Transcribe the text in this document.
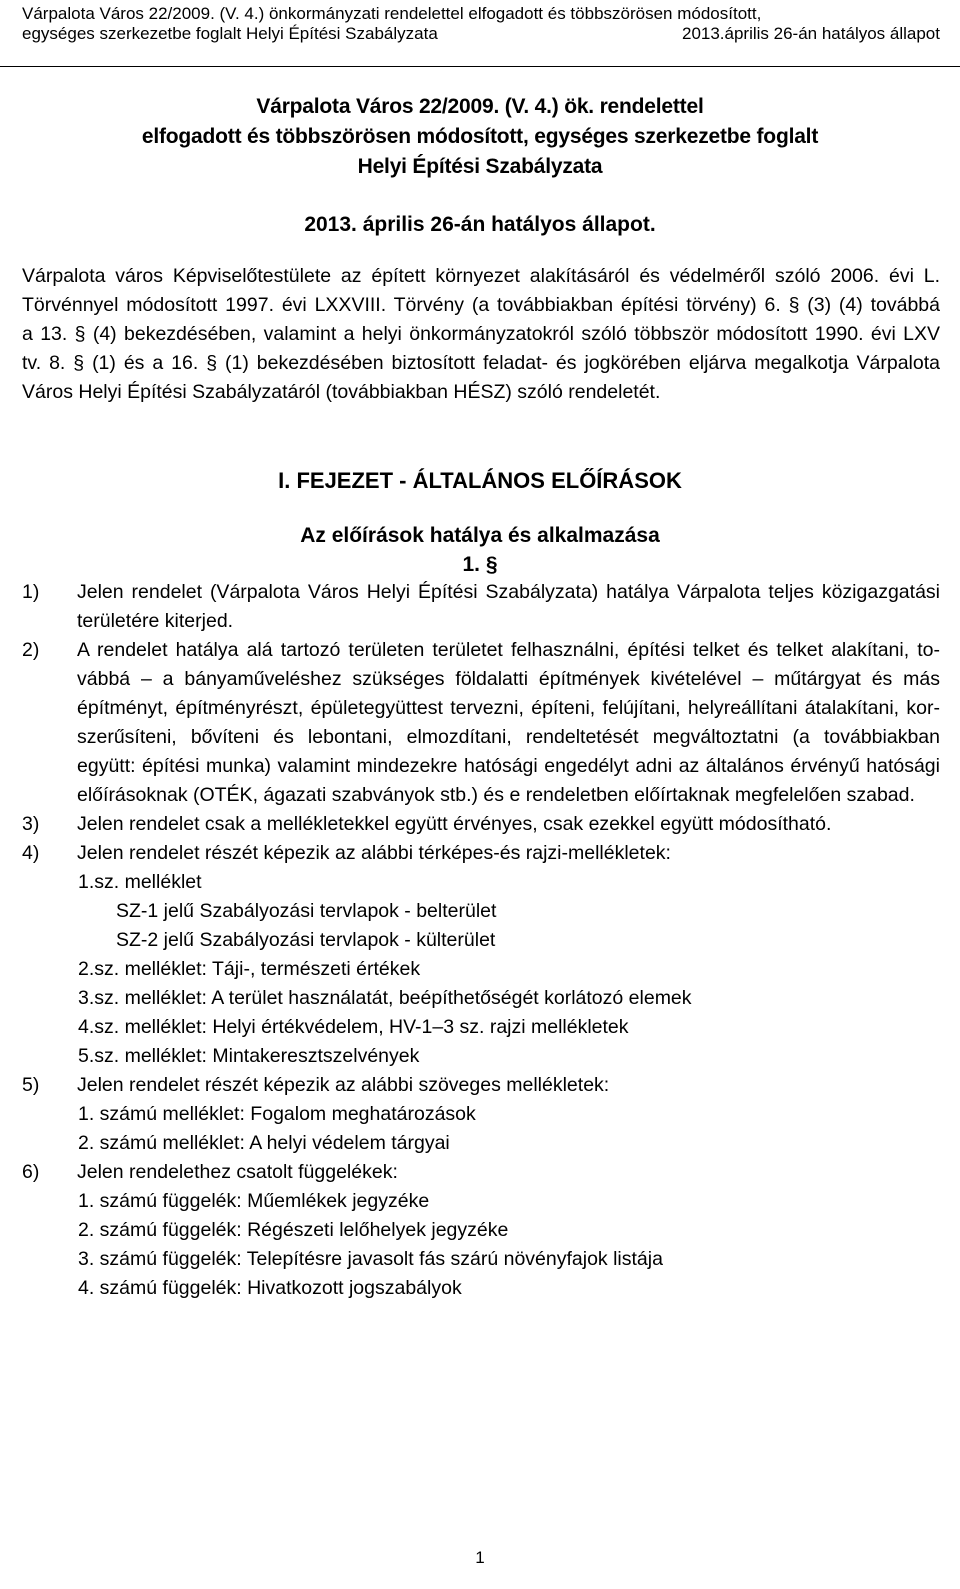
Várpalota Város 22/2009. (V. 4.) önkormányzati rendelettel elfogadott és többszörösen módosított,
egységes szerkezetbe foglalt Helyi Építési Szabályzata	2013.április 26-án hatályos állapot
Várpalota Város 22/2009. (V. 4.) ök. rendelettel
elfogadott és többszörösen módosított, egységes szerkezetbe foglalt
Helyi Építési Szabályzata
2013. április 26-án hatályos állapot.
Várpalota város Képviselőtestülete az épített környezet alakításáról és védelméről szóló 2006. évi L.
Törvénnyel módosított 1997. évi LXXVIII. Törvény (a továbbiakban építési törvény) 6. § (3) (4) továbbá
a 13. § (4) bekezdésében, valamint a helyi önkormányzatokról szóló többször módosított 1990. évi LXV
tv. 8. § (1) és a 16. § (1) bekezdésében biztosított feladat- és jogkörében eljárva megalkotja Várpalota
Város Helyi Építési Szabályzatáról (továbbiakban HÉSZ) szóló rendeletét.
I. FEJEZET - ÁLTALÁNOS ELŐÍRÁSOK
Az előírások hatálya és alkalmazása
1. §
1)	Jelen rendelet (Várpalota Város Helyi Építési Szabályzata) hatálya Várpalota teljes közigazgatási
területére kiterjed.
2)	A rendelet hatálya alá tartozó területen területet felhasználni, építési telket és telket alakítani, to-
vábbá – a bányaműveléshez szükséges földalatti építmények kivételével – műtárgyat és más
építményt, építményrészt, épületegyüttest tervezni, építeni, felújítani, helyreállítani átalakítani, kor-
szerűsíteni, bővíteni és lebontani, elmozdítani, rendeltetését megváltoztatni (a továbbiakban
együtt: építési munka) valamint mindezekre hatósági engedélyt adni az általános érvényű hatósági
előírásoknak (OTÉK, ágazati szabványok stb.) és e rendeletben előírtaknak megfelelően szabad.
3)	Jelen rendelet csak a mellékletekkel együtt érvényes, csak ezekkel együtt módosítható.
4)	Jelen rendelet részét képezik az alábbi térképes-és rajzi-mellékletek:
1.sz. melléklet
SZ-1 jelű Szabályozási tervlapok - belterület
SZ-2 jelű Szabályozási tervlapok - külterület
2.sz. melléklet: Táji-, természeti értékek
3.sz. melléklet: A terület használatát, beépíthetőségét korlátozó elemek
4.sz. melléklet: Helyi értékvédelem, HV-1–3 sz. rajzi mellékletek
5.sz. melléklet: Mintakeresztszelvények
5)	Jelen rendelet részét képezik az alábbi szöveges mellékletek:
1. számú melléklet: Fogalom meghatározások
2. számú melléklet: A helyi védelem tárgyai
6)	Jelen rendelethez csatolt függelékek:
1. számú függelék: Műemlékek jegyzéke
2. számú függelék: Régészeti lelőhelyek jegyzéke
3. számú függelék: Telepítésre javasolt fás szárú növényfajok listája
4. számú függelék: Hivatkozott jogszabályok
1
